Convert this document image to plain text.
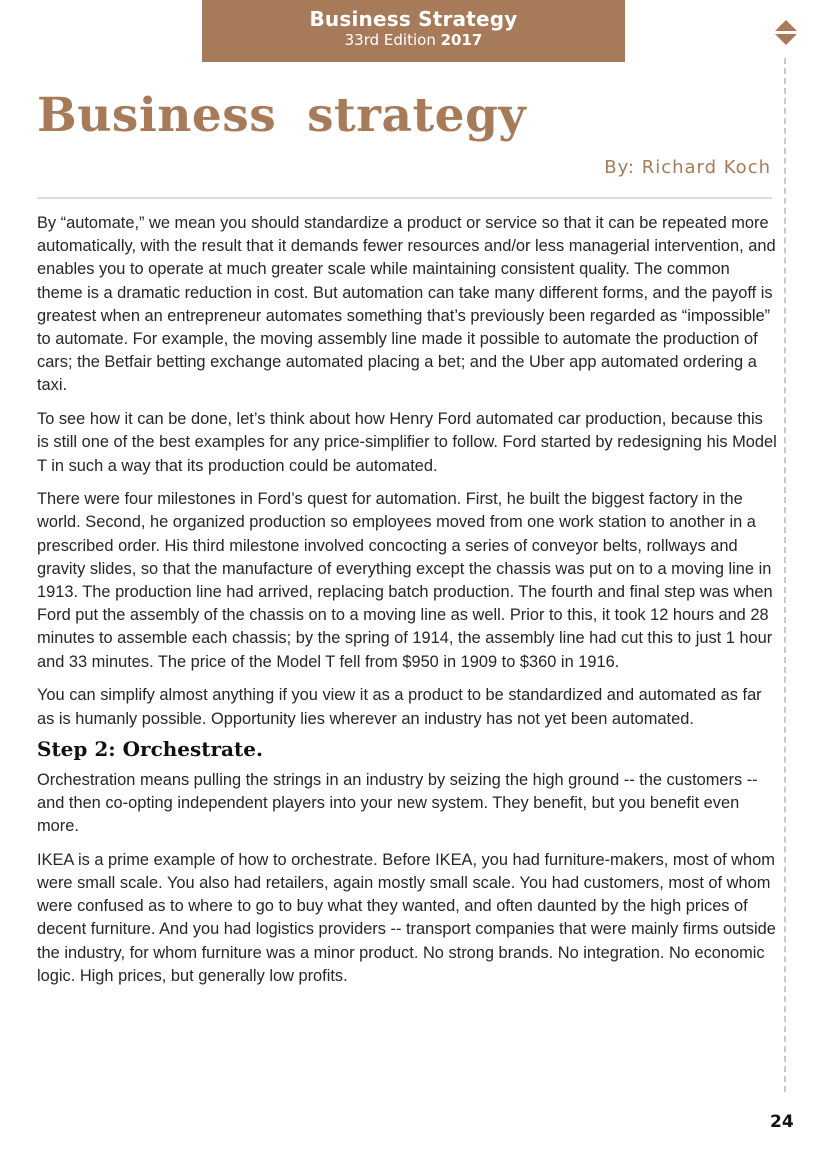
Business Strategy
33rd Edition 2017
Business strategy
By: Richard Koch

By “automate,” we mean you should standardize a product or service so that it can be repeated more automatically, with the result that it demands fewer resources and/or less managerial intervention, and enables you to operate at much greater scale while maintaining consistent quality. The common theme is a dramatic reduction in cost. But automation can take many different forms, and the payoff is greatest when an entrepreneur automates something that’s previously been regarded as “impossible” to automate. For example, the moving assembly line made it possible to automate the production of cars; the Betfair betting exchange automated placing a bet; and the Uber app automated ordering a taxi.

To see how it can be done, let’s think about how Henry Ford automated car production, because this is still one of the best examples for any price-simplifier to follow. Ford started by redesigning his Model T in such a way that its production could be automated.

There were four milestones in Ford’s quest for automation. First, he built the biggest factory in the world. Second, he organized production so employees moved from one work station to another in a prescribed order. His third milestone involved concocting a series of conveyor belts, rollways and gravity slides, so that the manufacture of everything except the chassis was put on to a moving line in 1913. The production line had arrived, replacing batch production. The fourth and final step was when Ford put the assembly of the chassis on to a moving line as well. Prior to this, it took 12 hours and 28 minutes to assemble each chassis; by the spring of 1914, the assembly line had cut this to just 1 hour and 33 minutes. The price of the Model T fell from $950 in 1909 to $360 in 1916.

You can simplify almost anything if you view it as a product to be standardized and automated as far as is humanly possible. Opportunity lies wherever an industry has not yet been automated.

Step 2: Orchestrate.

Orchestration means pulling the strings in an industry by seizing the high ground -- the customers -- and then co-opting independent players into your new system. They benefit, but you benefit even more.

IKEA is a prime example of how to orchestrate. Before IKEA, you had furniture-makers, most of whom were small scale. You also had retailers, again mostly small scale. You had customers, most of whom were confused as to where to go to buy what they wanted, and often daunted by the high prices of decent furniture. And you had logistics providers -- transport companies that were mainly firms outside the industry, for whom furniture was a minor product. No strong brands. No integration. No economic logic. High prices, but generally low profits.

24
